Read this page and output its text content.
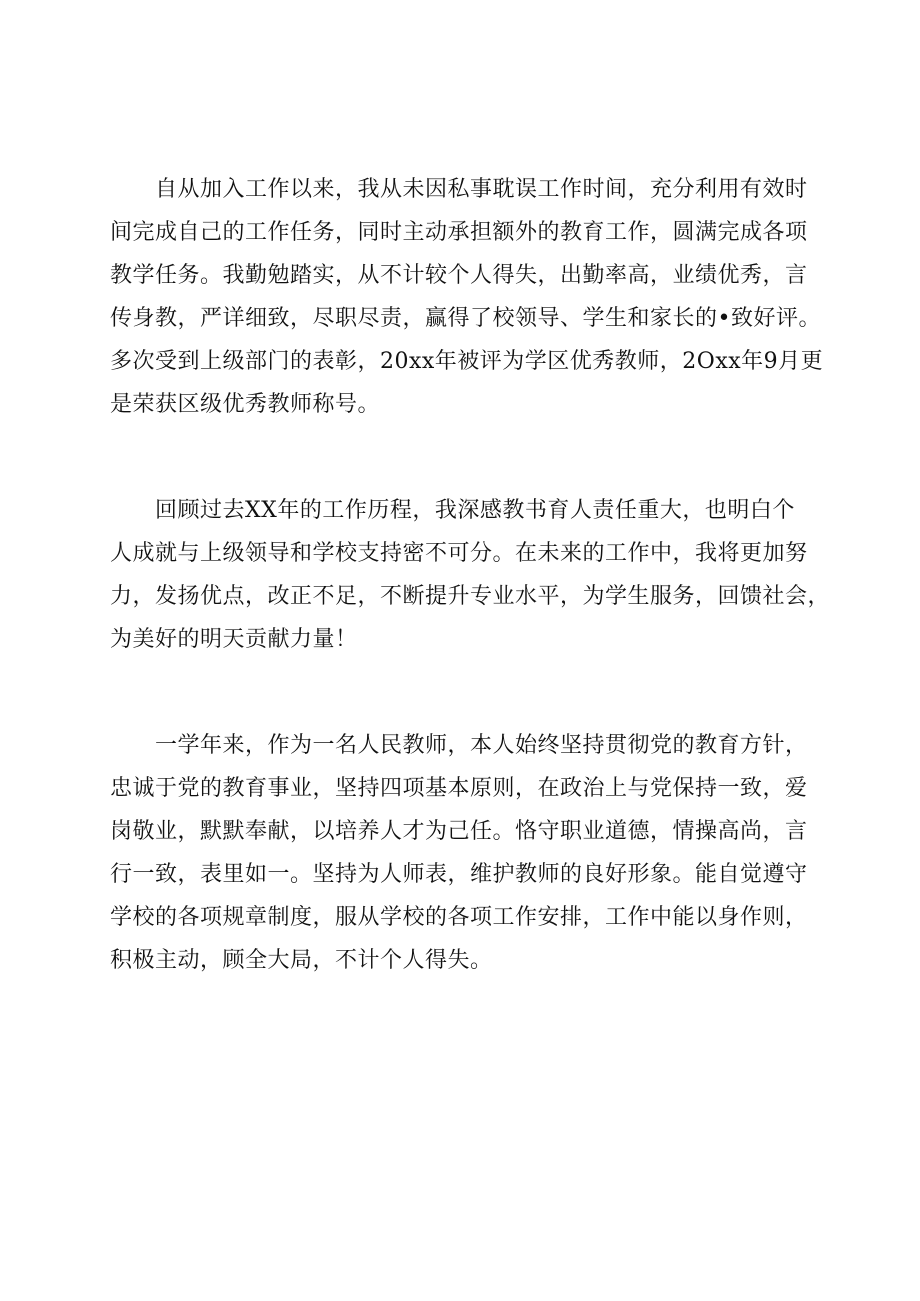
自从加入工作以来，我从未因私事耽误工作时间，充分利用有效时
间完成自己的工作任务，同时主动承担额外的教育工作，圆满完成各项
教学任务。我勤勉踏实，从不计较个人得失，出勤率高，业绩优秀，言
传身教，严详细致，尽职尽责，赢得了校领导、学生和家长的•致好评。
多次受到上级部门的表彰，20xx年被评为学区优秀教师，2Oxx年9月更
是荣获区级优秀教师称号。

回顾过去XX年的工作历程，我深感教书育人责任重大，也明白个
人成就与上级领导和学校支持密不可分。在未来的工作中，我将更加努
力，发扬优点，改正不足，不断提升专业水平，为学生服务，回馈社会，
为美好的明天贡献力量！

一学年来，作为一名人民教师，本人始终坚持贯彻党的教育方针，
忠诚于党的教育事业，坚持四项基本原则，在政治上与党保持一致，爱
岗敬业，默默奉献，以培养人才为己任。恪守职业道德，情操高尚，言
行一致，表里如一。坚持为人师表，维护教师的良好形象。能自觉遵守
学校的各项规章制度，服从学校的各项工作安排，工作中能以身作则，
积极主动，顾全大局，不计个人得失。
